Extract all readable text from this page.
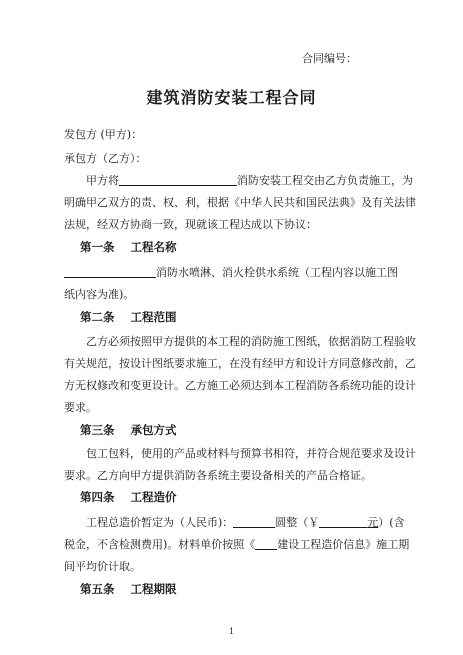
合同编号：
建筑消防安装工程合同
发包方 (甲方)：
承包方（乙方）：
甲方将	消防安装工程交由乙方负责施工，为
明确甲乙双方的责、权、利，根据《中华人民共和国民法典》及有关法律
法规，经双方协商一致，现就该工程达成以下协议：
第一条 工程名称
消防水喷淋、消火栓供水系统（工程内容以施工图
纸内容为准)。
第二条 工程范围
乙方必须按照甲方提供的本工程的消防施工图纸，依据消防工程验收
有关规范，按设计图纸要求施工，在没有经甲方和设计方同意修改前，乙
方无权修改和变更设计。乙方施工必须达到本工程消防各系统功能的设计
要求。
第三条 承包方式
包工包料，使用的产品或材料与预算书相符，并符合规范要求及设计
要求。乙方向甲方提供消防各系统主要设备相关的产品合格证。
第四条 工程造价
工程总造价暂定为（人民币)：	圆整（￥	元）(含
税金，不含检测费用)。材料单价按照《 建设工程造价信息》施工期
间平均价计取。
第五条 工程期限
1
